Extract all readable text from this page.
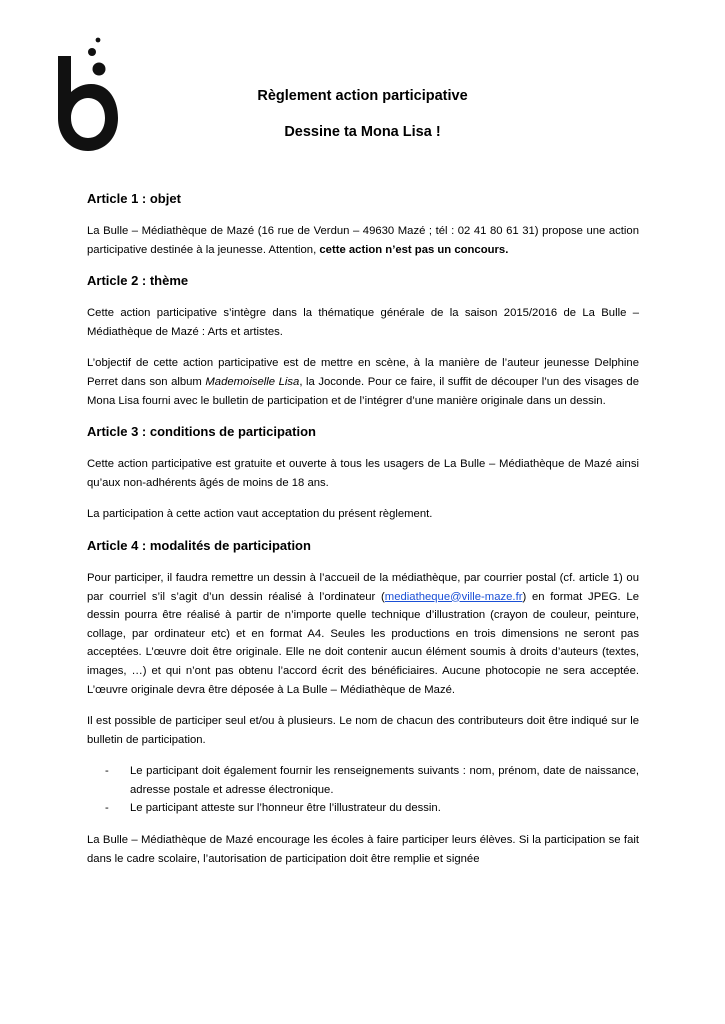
Règlement action participative
Dessine ta Mona Lisa !
Article 1 : objet

La Bulle – Médiathèque de Mazé (16 rue de Verdun – 49630 Mazé ; tél : 02 41 80 61 31) propose une action participative destinée à la jeunesse. Attention, cette action n’est pas un concours.

Article 2 : thème

Cette action participative s’intègre dans la thématique générale de la saison 2015/2016 de La Bulle – Médiathèque de Mazé : Arts et artistes.

L’objectif de cette action participative est de mettre en scène, à la manière de l’auteur jeunesse Delphine Perret dans son album Mademoiselle Lisa, la Joconde. Pour ce faire, il suffit de découper l’un des visages de Mona Lisa fourni avec le bulletin de participation et de l’intégrer d’une manière originale dans un dessin.

Article 3 : conditions de participation

Cette action participative est gratuite et ouverte à tous les usagers de La Bulle – Médiathèque de Mazé ainsi qu’aux non-adhérents âgés de moins de 18 ans.

La participation à cette action vaut acceptation du présent règlement.

Article 4 : modalités de participation

Pour participer, il faudra remettre un dessin à l’accueil de la médiathèque, par courrier postal (cf. article 1) ou par courriel s’il s’agit d’un dessin réalisé à l’ordinateur (mediatheque@ville-maze.fr) en format JPEG. Le dessin pourra être réalisé à partir de n’importe quelle technique d’illustration (crayon de couleur, peinture, collage, par ordinateur etc) et en format A4. Seules les productions en trois dimensions ne seront pas acceptées. L’œuvre doit être originale. Elle ne doit contenir aucun élément soumis à droits d’auteurs (textes, images, …) et qui n’ont pas obtenu l’accord écrit des bénéficiaires. Aucune photocopie ne sera acceptée. L’œuvre originale devra être déposée à La Bulle – Médiathèque de Mazé.

Il est possible de participer seul et/ou à plusieurs. Le nom de chacun des contributeurs doit être indiqué sur le bulletin de participation.

- Le participant doit également fournir les renseignements suivants : nom, prénom, date de naissance, adresse postale et adresse électronique.
- Le participant atteste sur l’honneur être l’illustrateur du dessin.

La Bulle – Médiathèque de Mazé encourage les écoles à faire participer leurs élèves. Si la participation se fait dans le cadre scolaire, l’autorisation de participation doit être remplie et signée
